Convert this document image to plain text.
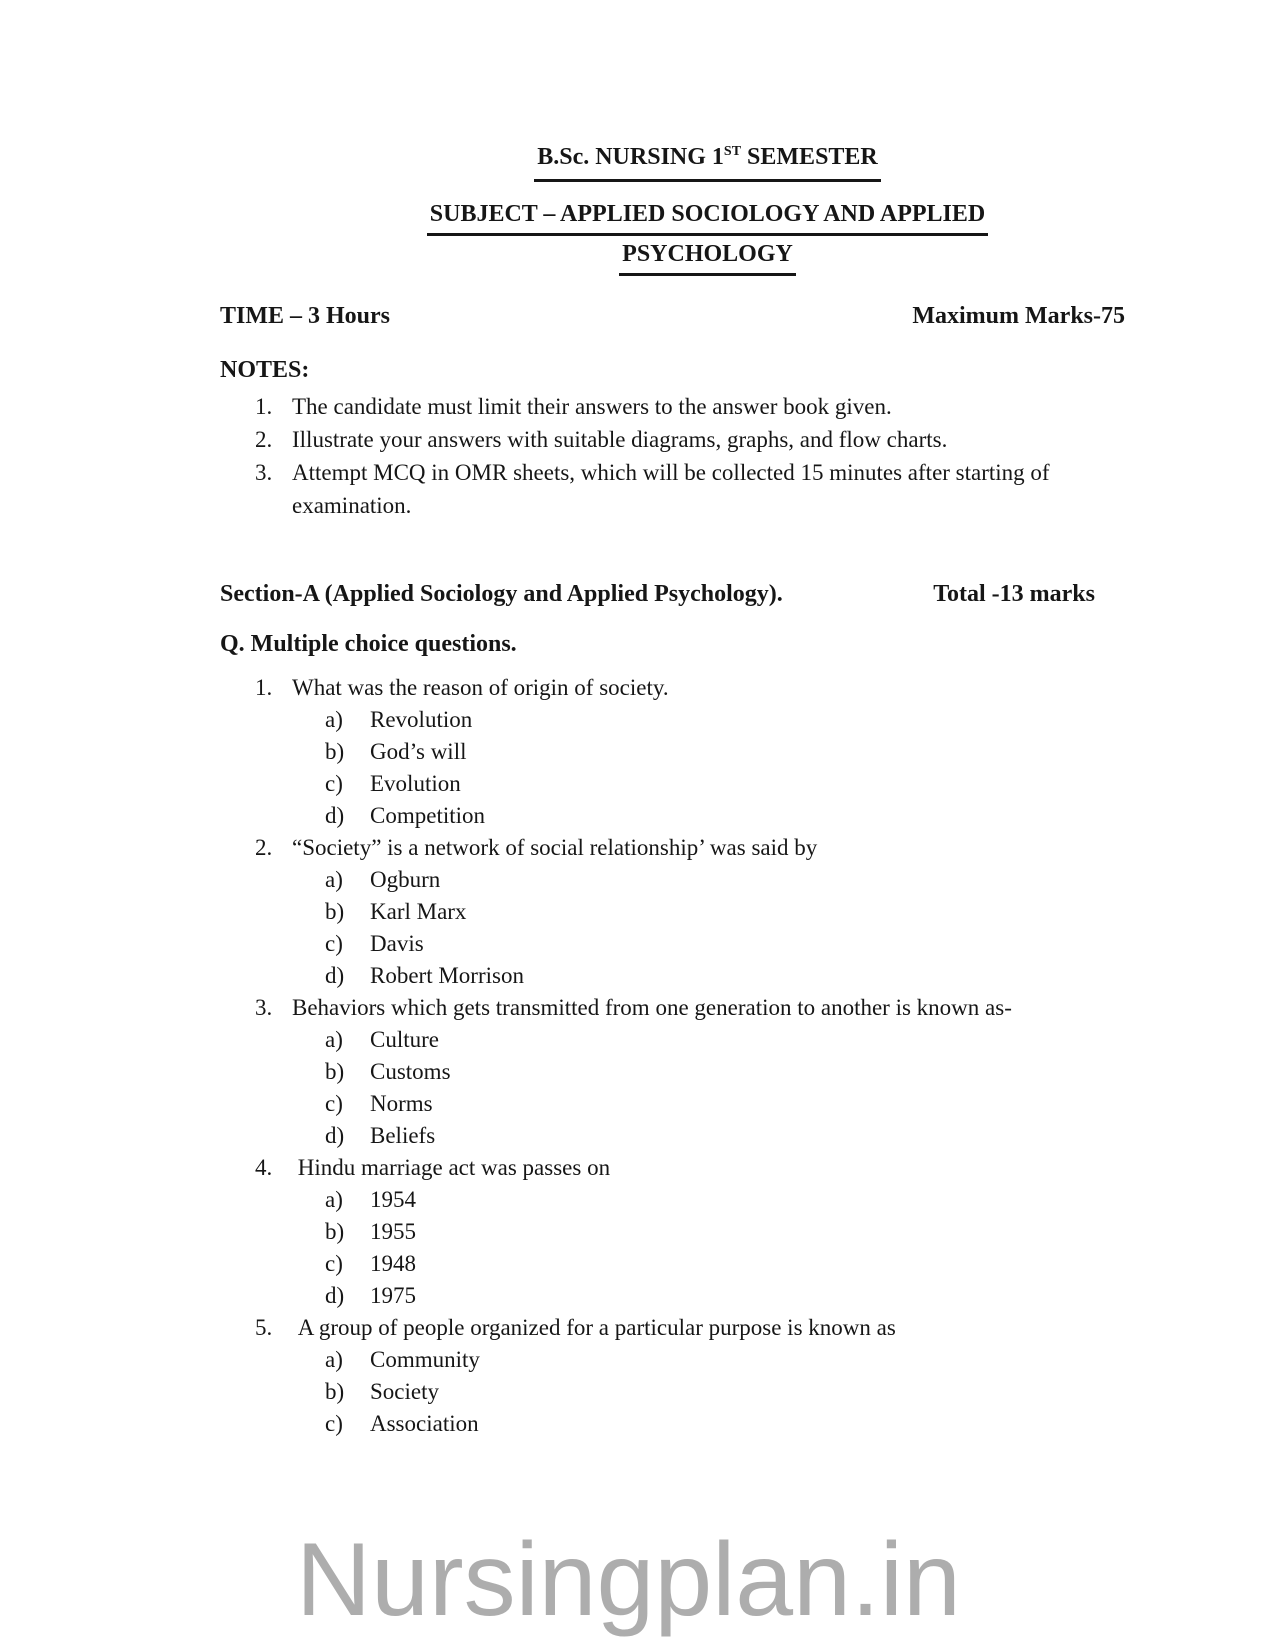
B.Sc. NURSING 1ST SEMESTER
SUBJECT – APPLIED SOCIOLOGY AND APPLIED
PSYCHOLOGY
TIME – 3 Hours	Maximum Marks-75
NOTES:
1. The candidate must limit their answers to the answer book given.
2. Illustrate your answers with suitable diagrams, graphs, and flow charts.
3. Attempt MCQ in OMR sheets, which will be collected 15 minutes after starting of examination.
Section-A (Applied Sociology and Applied Psychology).	Total -13 marks
Q. Multiple choice questions.
1. What was the reason of origin of society.
a)	Revolution
b)	God’s will
c)	Evolution
d)	Competition
2. “Society” is a network of social relationship’ was said by
a)	Ogburn
b)	Karl Marx
c)	Davis
d)	Robert Morrison
3. Behaviors which gets transmitted from one generation to another is known as-
a)	Culture
b)	Customs
c)	Norms
d)	Beliefs
4. Hindu marriage act was passes on
a)	1954
b)	1955
c)	1948
d)	1975
5. A group of people organized for a particular purpose is known as
a)	Community
b)	Society
c)	Association
Nursingplan.in
